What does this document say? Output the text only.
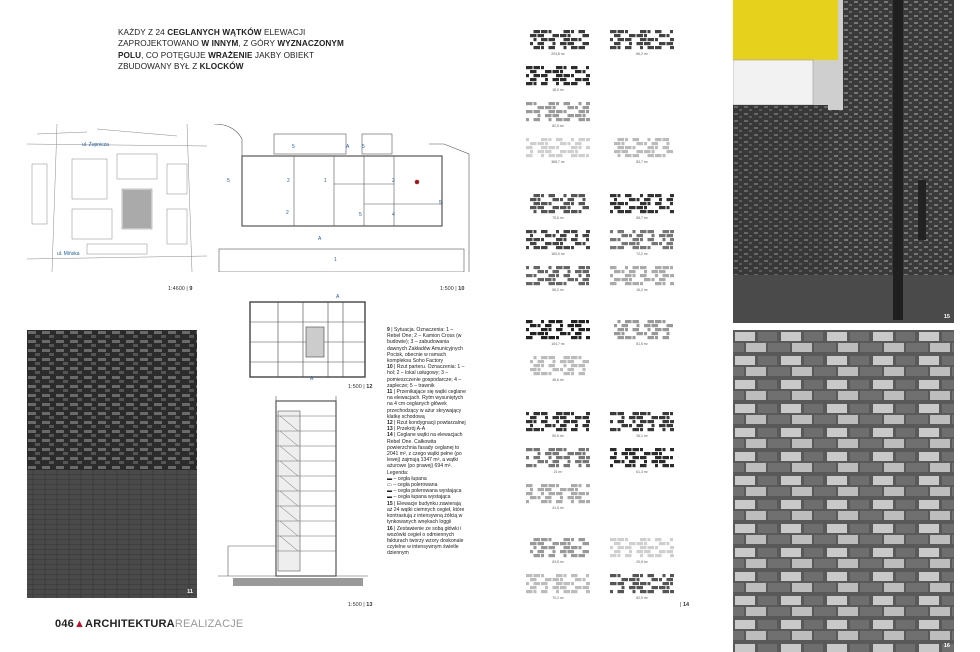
KAŻDY Z 24 CEGLANYCH WĄTKÓW ELEWACJI ZAPROJEKTOWANO W INNYM, Z GÓRY WYZNACZONYM POLU, CO POTĘGUJE WRAŻENIE JAKBY OBIEKT ZBUDOWANY BYŁ Z KLOCKÓW
ul. Żupnicza
ul. Mińska
1:4600 | 9
5	A	5
5	2	1	2
2	5	4
5
1
A
1:500 | 10
A
A
1:500 | 12
1:500 | 13
11

9 | Sytuacja. Oznaczenia: 1 – Rebel One; 2 – Kamion Cross (w budowie); 3 – zabudowania dawnych Zakładów Amunicyjnych Pocisk, obecnie w ramach kompleksu Soho Factory

10 | Rzut parteru. Oznaczenia: 1 – hol; 2 – lokal usługowy; 3 – pomieszczenie gospodarcze; 4 – zaplecze; 5 – trawnik

11 | Przenikające się wątki ceglane na elewacjach. Rytm wysuniętych na 4 cm ceglanych główek przechodzący w ażur skrywający klatkę schodową

12 | Rzut kondygnacji powtarzalnej

13 | Przekrój A-A

14 | Ceglane wątki na elewacjach Rebel One. Całkowita powierzchnia fasady ceglanej to 2041 m², z czego wątki pełne (po lewej) zajmują 1347 m², a wątki ażurowe (po prawej) 694 m². Legenda:

▬ – cegła łupana

▭ – cegła polerowana

▬ – cegła polerowana wystająca

▬ – cegła łupana wystająca

15 | Elewacje budynku zawierają aż 24 wątki ciemnych cegieł, które kontrastują z intensywną żółcią w tynkowanych wnękach loggii

16 | Zestawienie ze sobą główki i wozówki cegieł o odmiennych fakturach tworzy wzory doskonale czytelne w intensywnym świetle dziennym

203,8 m²	66,2 m²
18,0 m²
82,5 m²
365,7 m²	83,7 m²
75,6 m²	58,7 m²
160,0 m²	72,2 m²
56,2 m²	16,2 m²
104,7 m²	51,5 m²
45,6 m²
50,6 m²	26,1 m²
21 m²	61,3 m²
41,5 m²
63,5 m²	20,6 m²
70,2 m²	82,9 m²
| 14
15
16
046▲ARCHITEKTURAREALIZACJE
